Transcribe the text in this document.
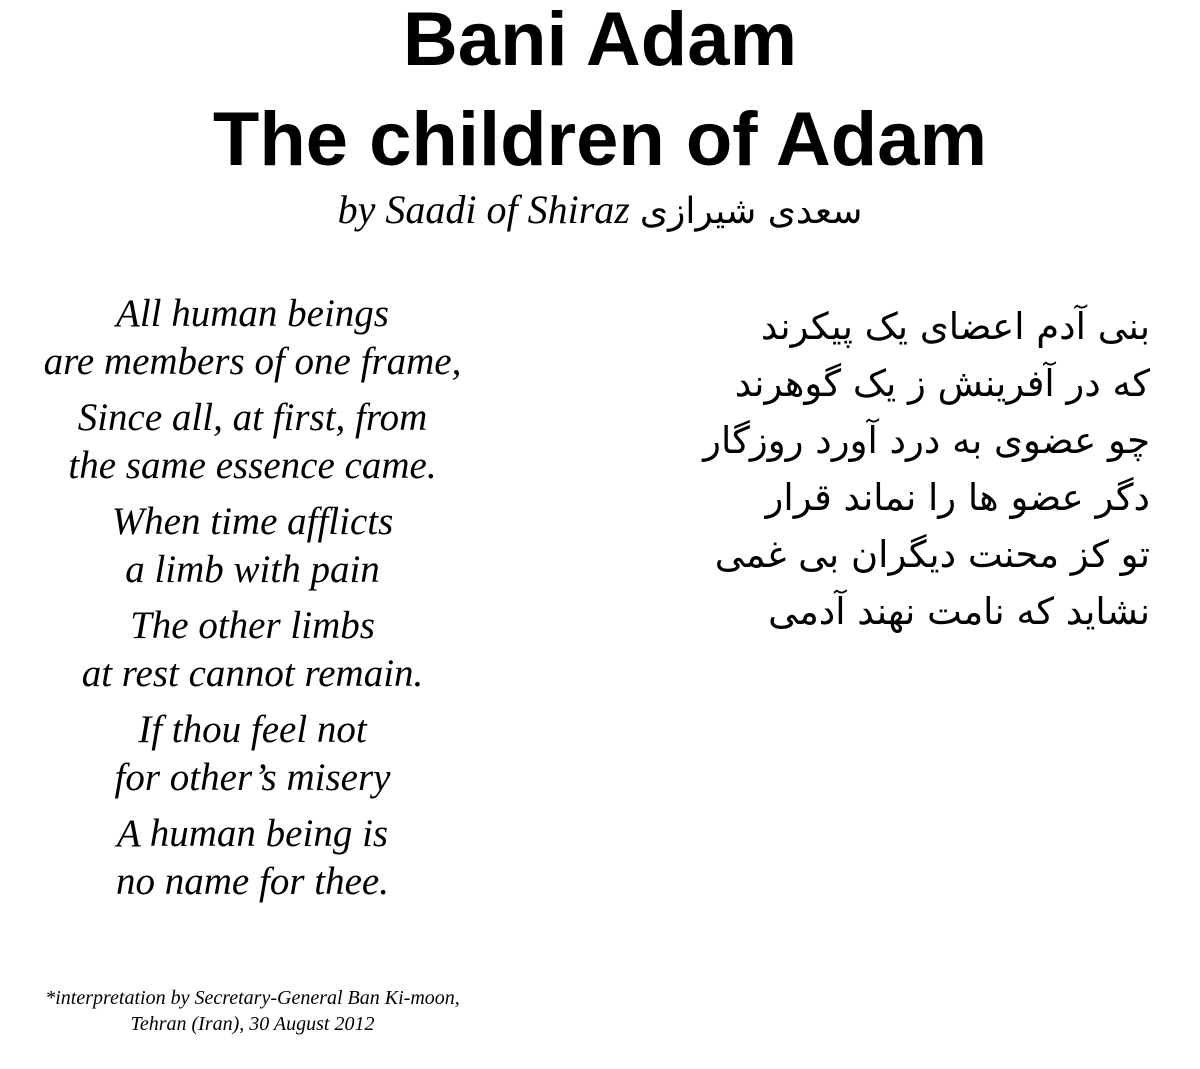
Bani Adam
The children of Adam
by Saadi of Shiraz سعدی شیرازی
All human beings
are members of one frame,
Since all, at first, from
the same essence came.
When time afflicts
a limb with pain
The other limbs
at rest cannot remain.
If thou feel not
for other’s misery
A human being is
no name for thee.
بنی آدم اعضای یک پیکرند
که در آفرینش ز یک گوهرند
چو عضوی به درد آورد روزگار
دگر عضو ها را نماند قرار
تو کز محنت دیگران بی غمی
نشاید که نامت نهند آدمی
*interpretation by Secretary-General Ban Ki-moon,
Tehran (Iran), 30 August 2012
